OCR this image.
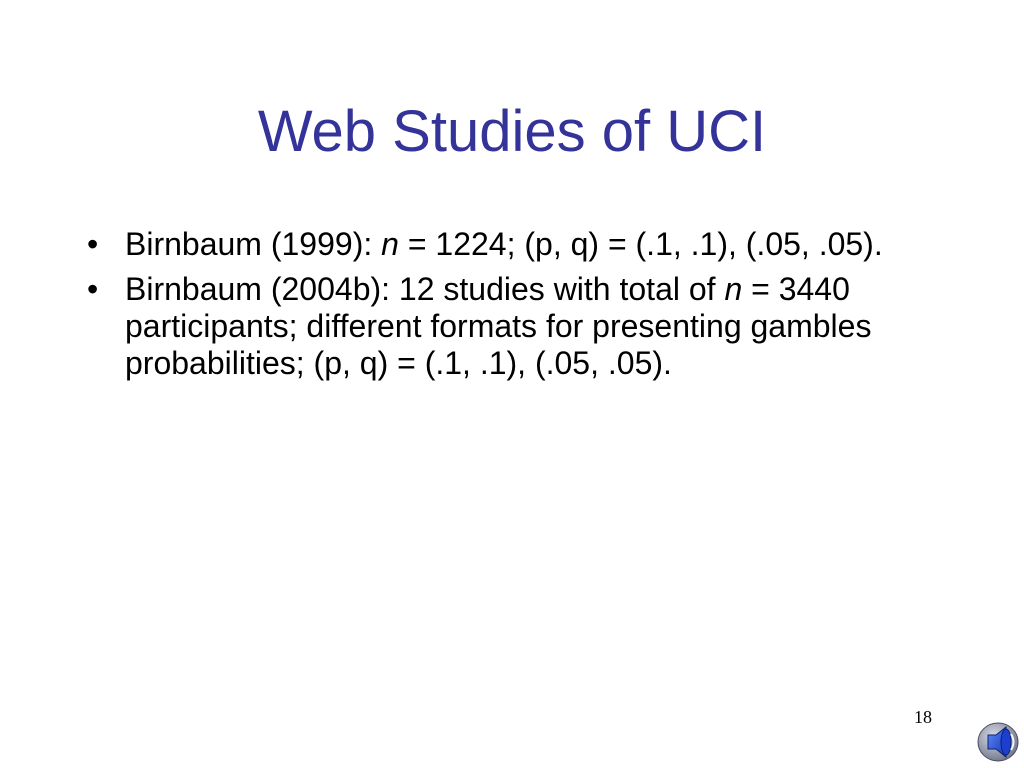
Web Studies of UCI
• Birnbaum (1999): n = 1224; (p, q) = (.1, .1), (.05, .05).
• Birnbaum (2004b): 12 studies with total of n = 3440 participants; different formats for presenting gambles probabilities; (p, q) = (.1, .1), (.05, .05).
18
